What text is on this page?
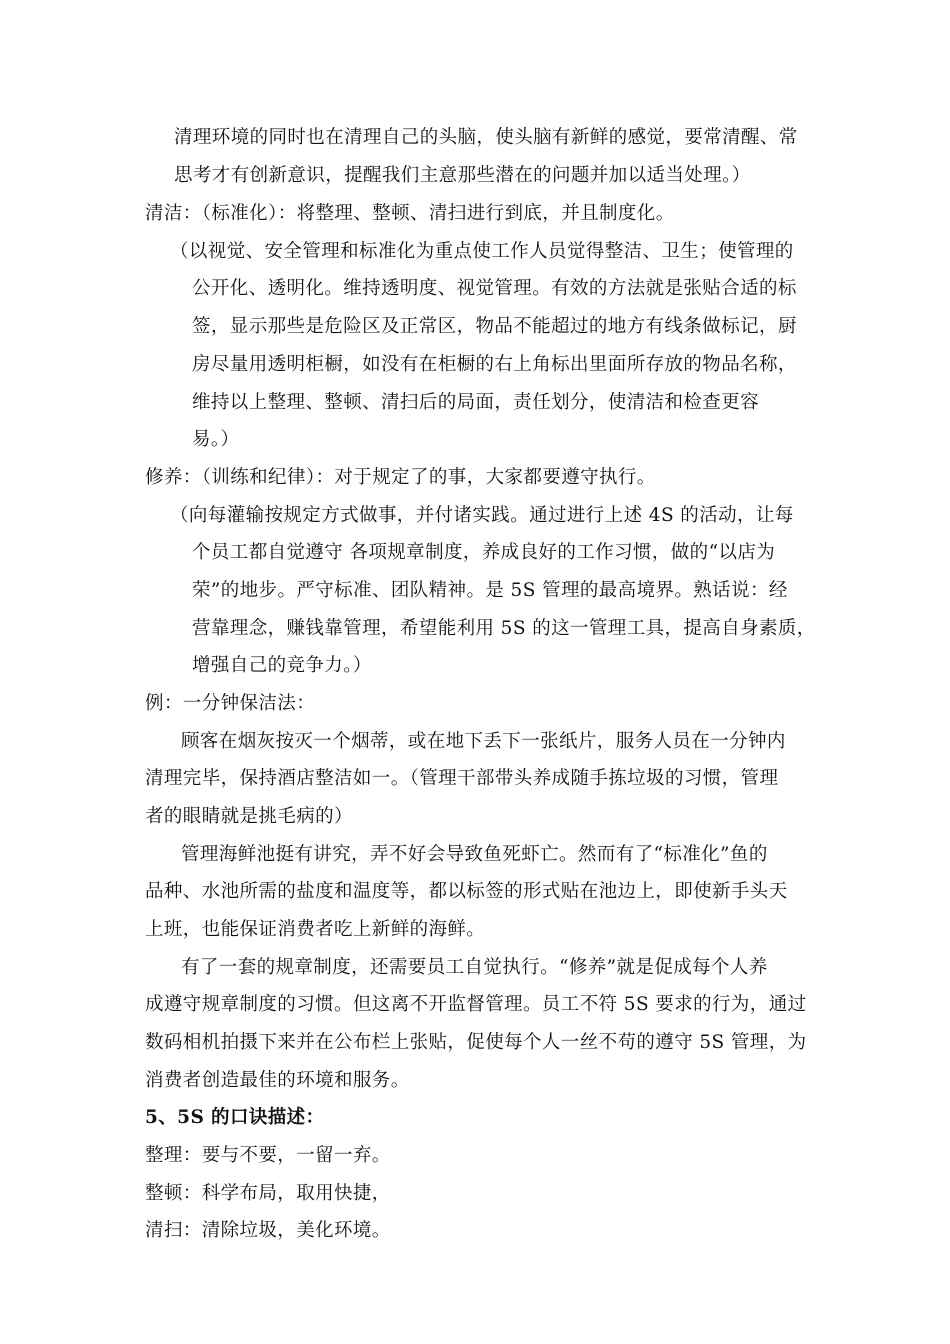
清理环境的同时也在清理自己的头脑，使头脑有新鲜的感觉，要常清醒、常
思考才有创新意识，提醒我们主意那些潜在的问题并加以适当处理。）
清洁：（标准化）：将整理、整顿、清扫进行到底，并且制度化。
（以视觉、安全管理和标准化为重点使工作人员觉得整洁、卫生；使管理的
公开化、透明化。维持透明度、视觉管理。有效的方法就是张贴合适的标
签，显示那些是危险区及正常区，物品不能超过的地方有线条做标记，厨
房尽量用透明柜橱，如没有在柜橱的右上角标出里面所存放的物品名称，
维持以上整理、整顿、清扫后的局面，责任划分，使清洁和检查更容
易。）
修养：（训练和纪律）：对于规定了的事，大家都要遵守执行。
（向每灌输按规定方式做事，并付诸实践。通过进行上述 4S 的活动，让每
个员工都自觉遵守 各项规章制度，养成良好的工作习惯，做的“以店为
荣”的地步。严守标准、团队精神。是 5S 管理的最高境界。熟话说：经
营靠理念，赚钱靠管理，希望能利用 5S 的这一管理工具，提高自身素质，
增强自己的竞争力。）
例：一分钟保洁法：
顾客在烟灰按灭一个烟蒂，或在地下丢下一张纸片，服务人员在一分钟内
清理完毕，保持酒店整洁如一。（管理干部带头养成随手拣垃圾的习惯，管理
者的眼睛就是挑毛病的）
管理海鲜池挺有讲究，弄不好会导致鱼死虾亡。然而有了“标准化”鱼的
品种、水池所需的盐度和温度等，都以标签的形式贴在池边上，即使新手头天
上班，也能保证消费者吃上新鲜的海鲜。
有了一套的规章制度，还需要员工自觉执行。“修养”就是促成每个人养
成遵守规章制度的习惯。但这离不开监督管理。员工不符 5S 要求的行为，通过
数码相机拍摄下来并在公布栏上张贴，促使每个人一丝不苟的遵守 5S 管理，为
消费者创造最佳的环境和服务。
5、5S 的口诀描述：
整理：要与不要，一留一弃。
整顿：科学布局，取用快捷，
清扫：清除垃圾，美化环境。
